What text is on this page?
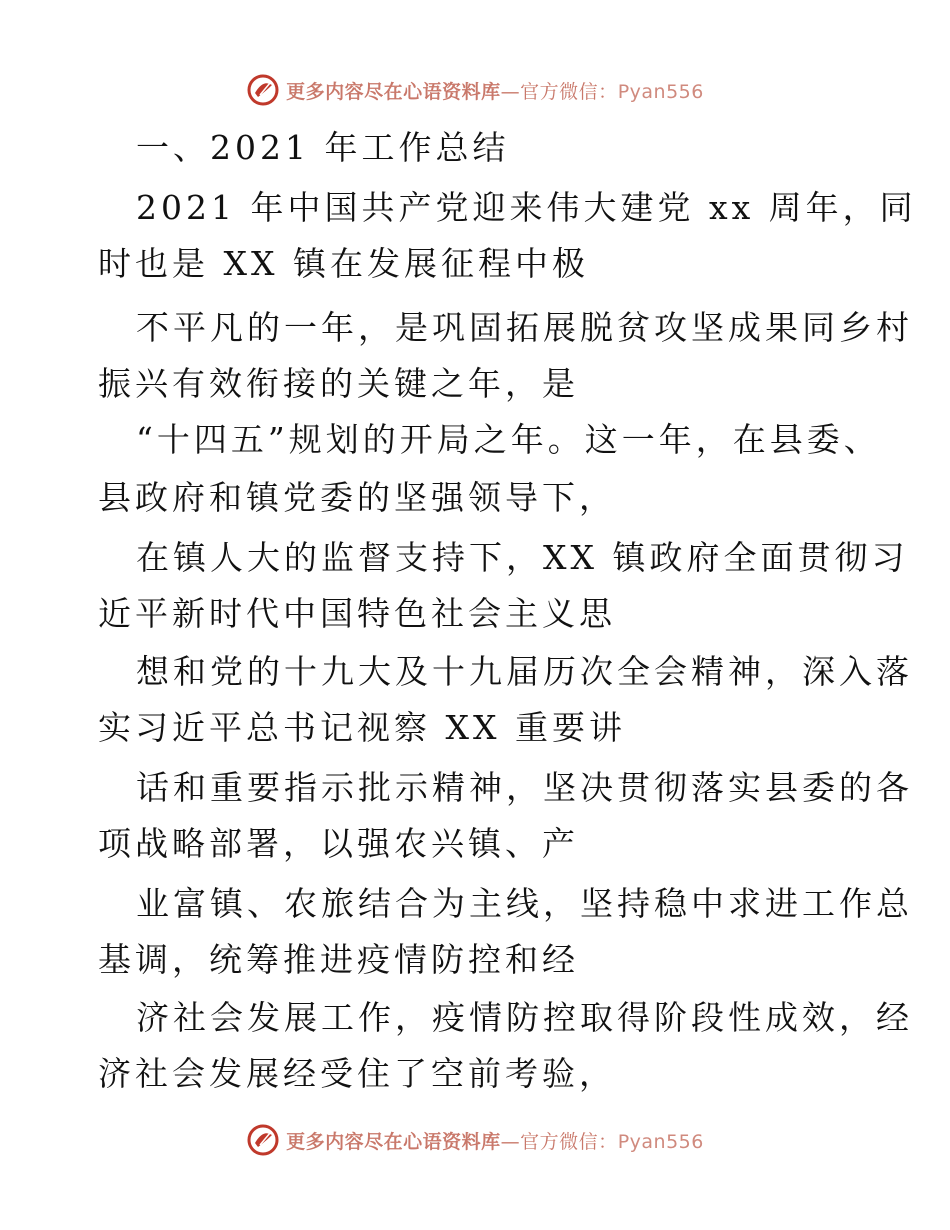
更多内容尽在心语资料库—官方微信：Pyan556
一、2021 年工作总结
2021 年中国共产党迎来伟大建党 xx 周年，同
时也是 XX 镇在发展征程中极
不平凡的一年，是巩固拓展脱贫攻坚成果同乡村
振兴有效衔接的关键之年，是
“十四五”规划的开局之年。这一年，在县委、
县政府和镇党委的坚强领导下，
在镇人大的监督支持下，XX 镇政府全面贯彻习
近平新时代中国特色社会主义思
想和党的十九大及十九届历次全会精神，深入落
实习近平总书记视察 XX 重要讲
话和重要指示批示精神，坚决贯彻落实县委的各
项战略部署，以强农兴镇、产
业富镇、农旅结合为主线，坚持稳中求进工作总
基调，统筹推进疫情防控和经
济社会发展工作，疫情防控取得阶段性成效，经
济社会发展经受住了空前考验，
更多内容尽在心语资料库—官方微信：Pyan556
